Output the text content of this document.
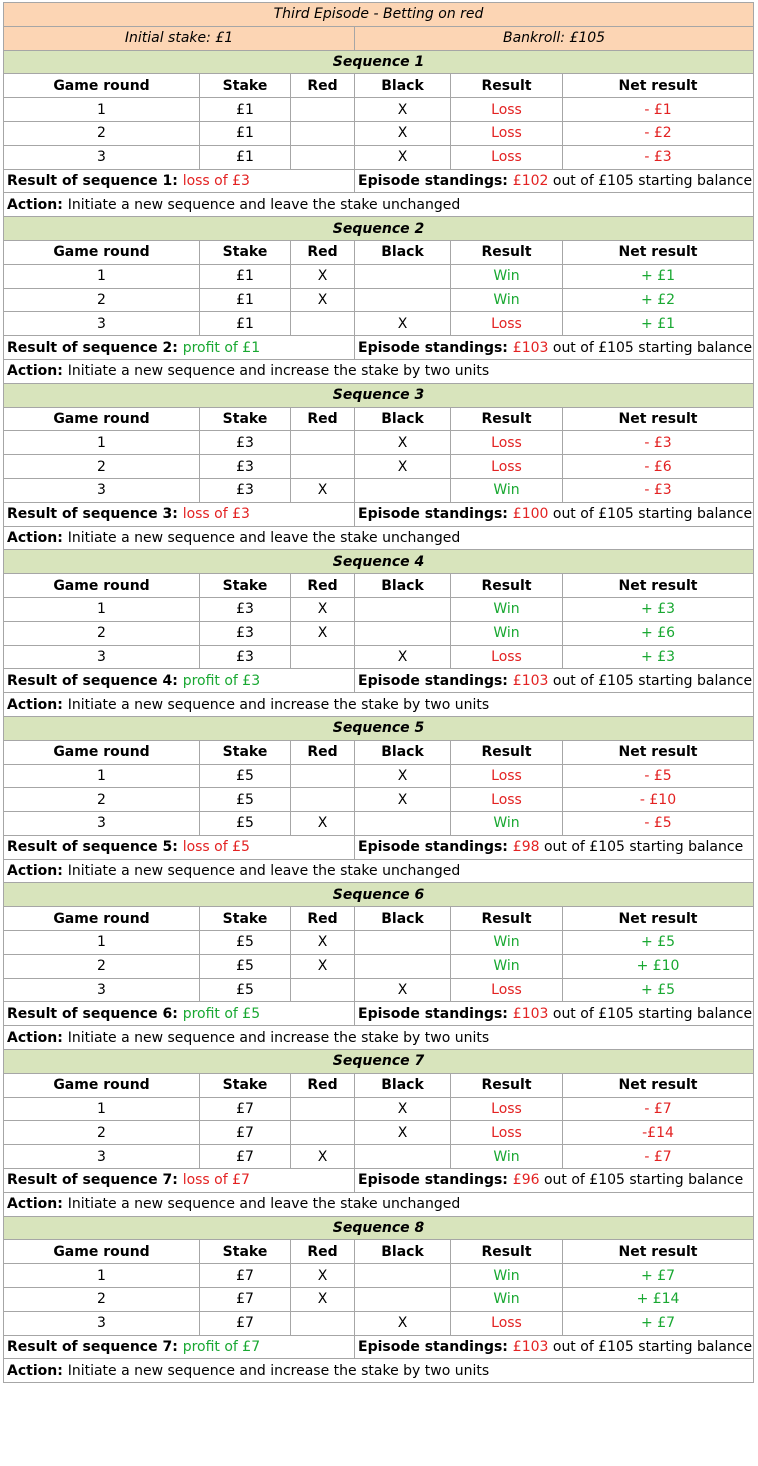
Third Episode - Betting on red					
Initial stake: £1			Bankroll: £105		
Sequence 1					
Game round	Stake	Red	Black	Result	Net result
1	£1		X	Loss	- £1
2	£1		X	Loss	- £2
3	£1		X	Loss	- £3
Result of sequence 1: loss of £3			Episode standings: £102 out of £105 starting balance		
Action: Initiate a new sequence and leave the stake unchanged					
Sequence 2					
Game round	Stake	Red	Black	Result	Net result
1	£1	X		Win	+ £1
2	£1	X		Win	+ £2
3	£1		X	Loss	+ £1
Result of sequence 2: profit of £1			Episode standings: £103 out of £105 starting balance		
Action: Initiate a new sequence and increase the stake by two units					
Sequence 3					
Game round	Stake	Red	Black	Result	Net result
1	£3		X	Loss	- £3
2	£3		X	Loss	- £6
3	£3	X		Win	- £3
Result of sequence 3: loss of £3			Episode standings: £100 out of £105 starting balance		
Action: Initiate a new sequence and leave the stake unchanged					
Sequence 4					
Game round	Stake	Red	Black	Result	Net result
1	£3	X		Win	+ £3
2	£3	X		Win	+ £6
3	£3		X	Loss	+ £3
Result of sequence 4: profit of £3			Episode standings: £103 out of £105 starting balance		
Action: Initiate a new sequence and increase the stake by two units					
Sequence 5					
Game round	Stake	Red	Black	Result	Net result
1	£5		X	Loss	- £5
2	£5		X	Loss	- £10
3	£5	X		Win	- £5
Result of sequence 5: loss of £5			Episode standings: £98 out of £105 starting balance		
Action: Initiate a new sequence and leave the stake unchanged					
Sequence 6					
Game round	Stake	Red	Black	Result	Net result
1	£5	X		Win	+ £5
2	£5	X		Win	+ £10
3	£5		X	Loss	+ £5
Result of sequence 6: profit of £5			Episode standings: £103 out of £105 starting balance		
Action: Initiate a new sequence and increase the stake by two units					
Sequence 7					
Game round	Stake	Red	Black	Result	Net result
1	£7		X	Loss	- £7
2	£7		X	Loss	-£14
3	£7	X		Win	- £7
Result of sequence 7: loss of £7			Episode standings: £96 out of £105 starting balance		
Action: Initiate a new sequence and leave the stake unchanged					
Sequence 8					
Game round	Stake	Red	Black	Result	Net result
1	£7	X		Win	+ £7
2	£7	X		Win	+ £14
3	£7		X	Loss	+ £7
Result of sequence 7: profit of £7			Episode standings: £103 out of £105 starting balance		
Action: Initiate a new sequence and increase the stake by two units					
